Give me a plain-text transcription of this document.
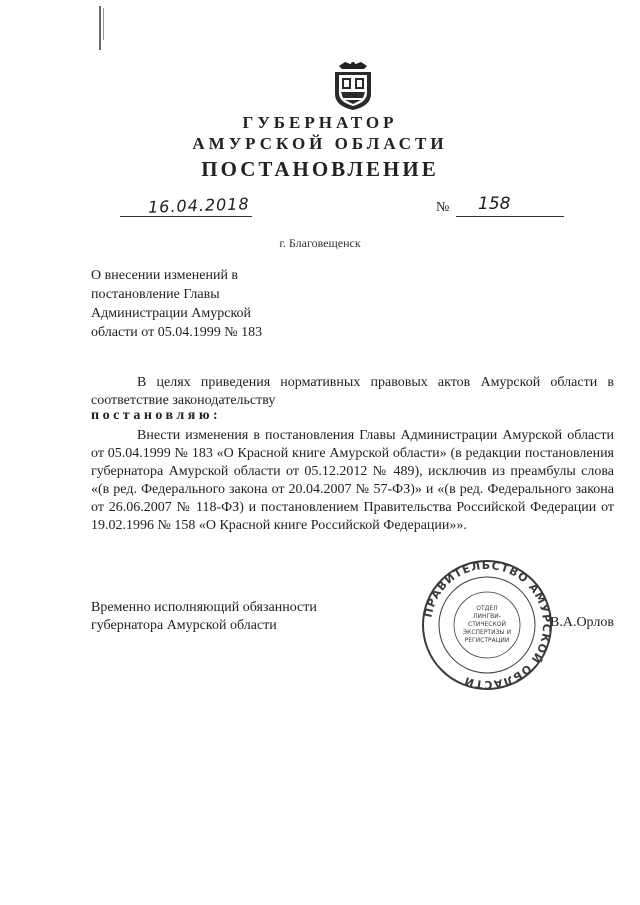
ГУБЕРНАТОР
АМУРСКОЙ ОБЛАСТИ
ПОСТАНОВЛЕНИЕ
16.04.2018	№ 158
г. Благовещенск
О внесении изменений в
постановление Главы
Администрации Амурской
области от 05.04.1999 № 183
В целях приведения нормативных правовых актов Амурской области в соответствие законодательству
постановляю:
Внести изменения в постановления Главы Администрации Амурской области от 05.04.1999 № 183 «О Красной книге Амурской области» (в редакции постановления губернатора Амурской области от 05.12.2012 № 489), исключив из преамбулы слова «(в ред. Федерального закона от 20.04.2007 № 57-ФЗ)» и «(в ред. Федерального закона от 26.06.2007 № 118-ФЗ) и постановлением Правительства Российской Федерации от 19.02.1996 № 158 «О Красной книге Российской Федерации»».
Временно исполняющий обязанности
губернатора Амурской области	В.А.Орлов
ПРАВИТЕЛЬСТВО АМУРСКОЙ ОБЛАСТИ
ОТДЕЛ
ЛИНГВИ-
СТИЧЕСКОЙ
ЭКСПЕРТИЗЫ И
РЕГИСТРАЦИИ
